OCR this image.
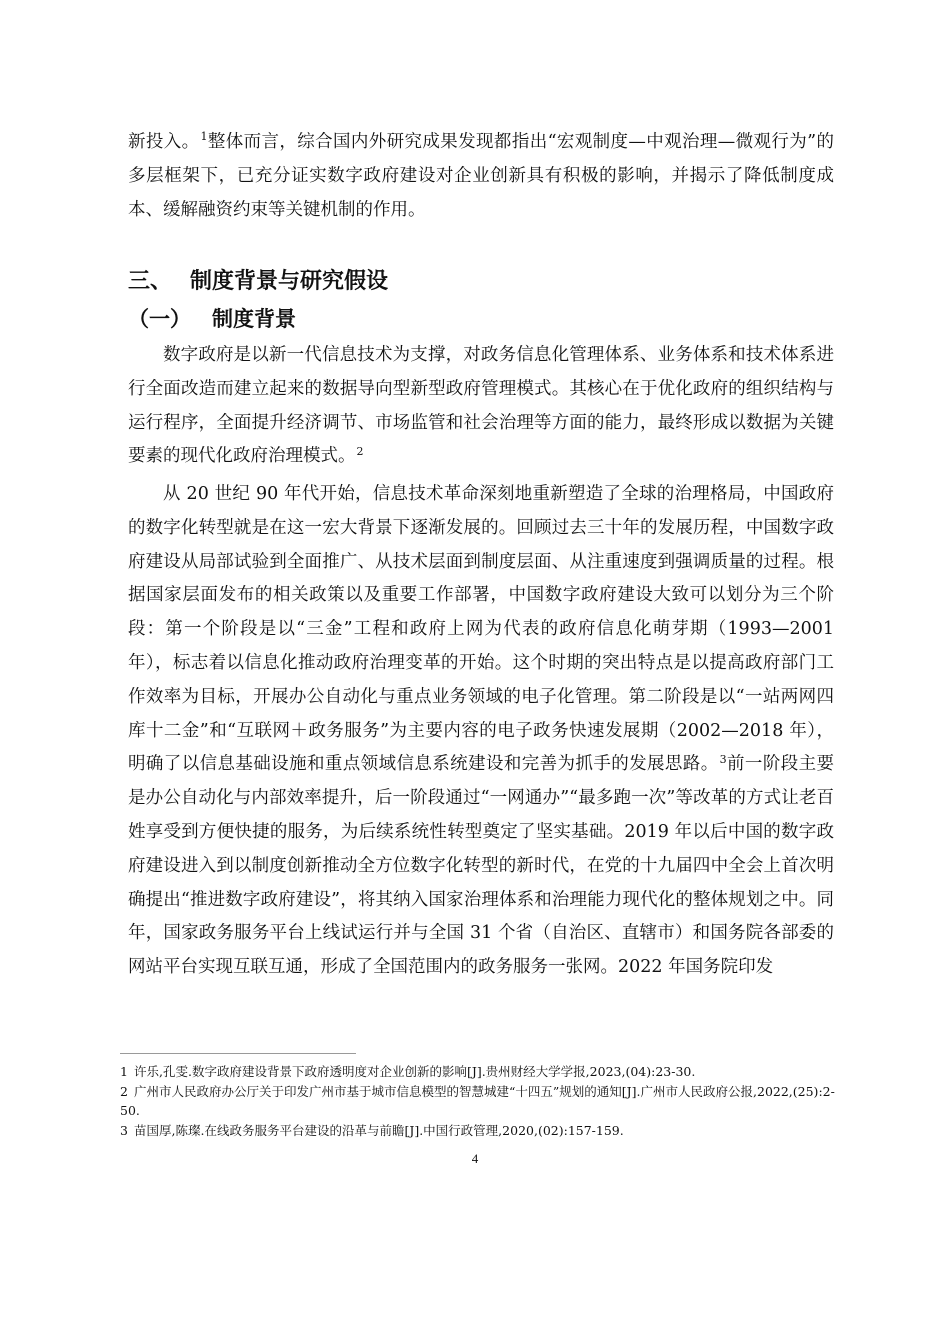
新投入。$^1$整体而言，综合国内外研究成果发现都指出“宏观制度—中观治理—微观行为”的多层框架下，已充分证实数字政府建设对企业创新具有积极的影响，并揭示了降低制度成本、缓解融资约束等关键机制的作用。

三、 制度背景与研究假设
（一） 制度背景

数字政府是以新一代信息技术为支撑，对政务信息化管理体系、业务体系和技术体系进行全面改造而建立起来的数据导向型新型政府管理模式。其核心在于优化政府的组织结构与运行程序，全面提升经济调节、市场监管和社会治理等方面的能力，最终形成以数据为关键要素的现代化政府治理模式。$^2$

从 20 世纪 90 年代开始，信息技术革命深刻地重新塑造了全球的治理格局，中国政府的数字化转型就是在这一宏大背景下逐渐发展的。回顾过去三十年的发展历程，中国数字政府建设从局部试验到全面推广、从技术层面到制度层面、从注重速度到强调质量的过程。根据国家层面发布的相关政策以及重要工作部署，中国数字政府建设大致可以划分为三个阶段：第一个阶段是以“三金”工程和政府上网为代表的政府信息化萌芽期（1993—2001 年），标志着以信息化推动政府治理变革的开始。这个时期的突出特点是以提高政府部门工作效率为目标，开展办公自动化与重点业务领域的电子化管理。第二阶段是以“一站两网四库十二金”和“互联网＋政务服务”为主要内容的电子政务快速发展期（2002—2018 年），明确了以信息基础设施和重点领域信息系统建设和完善为抓手的发展思路。$^3$前一阶段主要是办公自动化与内部效率提升，后一阶段通过“一网通办”“最多跑一次”等改革的方式让老百姓享受到方便快捷的服务，为后续系统性转型奠定了坚实基础。2019 年以后中国的数字政府建设进入到以制度创新推动全方位数字化转型的新时代，在党的十九届四中全会上首次明确提出“推进数字政府建设”，将其纳入国家治理体系和治理能力现代化的整体规划之中。同年，国家政务服务平台上线试运行并与全国 31 个省（自治区、直辖市）和国务院各部委的网站平台实现互联互通，形成了全国范围内的政务服务一张网。2022 年国务院印发

1 许乐,孔雯.数字政府建设背景下政府透明度对企业创新的影响[J].贵州财经大学学报,2023,(04):23-30.
2 广州市人民政府办公厅关于印发广州市基于城市信息模型的智慧城建“十四五”规划的通知[J].广州市人民政府公报,2022,(25):2-50.
3 苗国厚,陈璨.在线政务服务平台建设的沿革与前瞻[J].中国行政管理,2020,(02):157-159.
4
